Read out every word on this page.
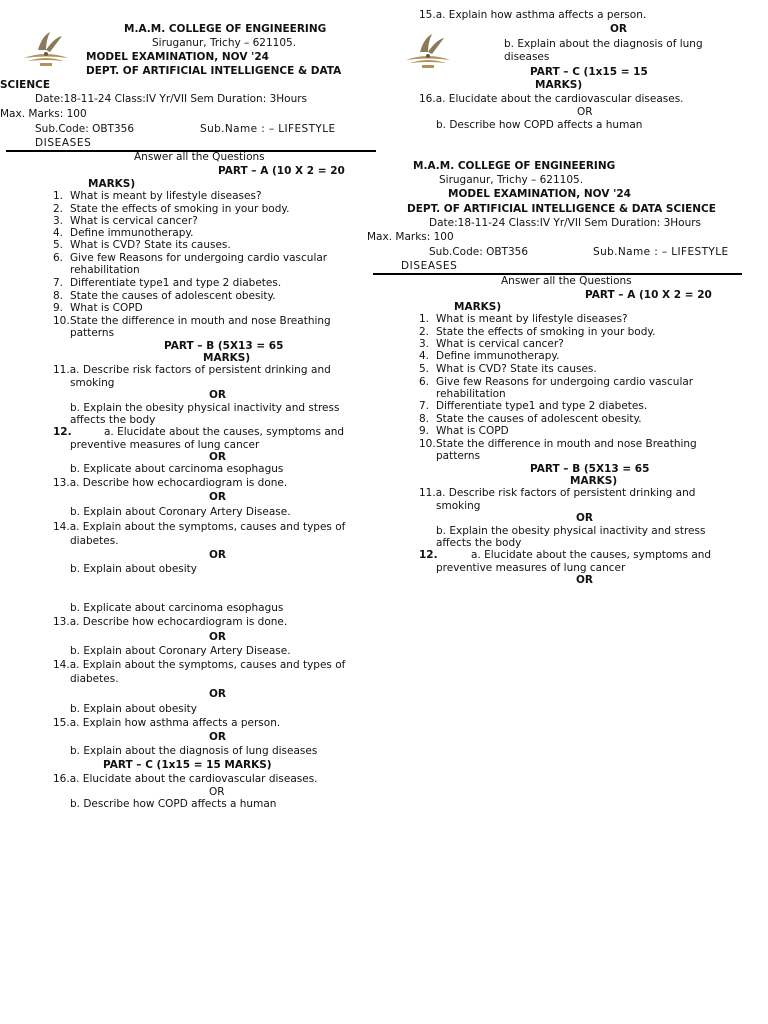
M.A.M. COLLEGE OF ENGINEERING
Siruganur, Trichy – 621105.
MODEL EXAMINATION, NOV '24
DEPT. OF ARTIFICIAL INTELLIGENCE & DATA
SCIENCE
Date:18-11-24 Class:IV Yr/VII Sem Duration: 3Hours
Max. Marks: 100
Sub.Code: OBT356	Sub.Name : – LIFESTYLE
DISEASES
Answer all the Questions
PART – A (10 X 2 = 20
MARKS)
1. What is meant by lifestyle diseases?
2. State the effects of smoking in your body.
3. What is cervical cancer?
4. Define immunotherapy.
5. What is CVD? State its causes.
6. Give few Reasons for undergoing cardio vascular
rehabilitation
7. Differentiate type1 and type 2 diabetes.
8. State the causes of adolescent obesity.
9. What is COPD
10. State the difference in mouth and nose Breathing
patterns
PART – B (5X13 = 65
MARKS)
11.a. Describe risk factors of persistent drinking and
smoking
OR
b. Explain the obesity physical inactivity and stress
affects the body
12.	a. Elucidate about the causes, symptoms and
preventive measures of lung cancer
OR
b. Explicate about carcinoma esophagus
13.a. Describe how echocardiogram is done.
OR
b. Explain about Coronary Artery Disease.
14.a. Explain about the symptoms, causes and types of
diabetes.
OR
b. Explain about obesity
b. Explicate about carcinoma esophagus
13.a. Describe how echocardiogram is done.
OR
b. Explain about Coronary Artery Disease.
14.a. Explain about the symptoms, causes and types of
diabetes.
OR
b. Explain about obesity
15.a. Explain how asthma affects a person.
OR
b. Explain about the diagnosis of lung diseases
PART – C (1x15 = 15 MARKS)
16.a. Elucidate about the cardiovascular diseases.
OR
b. Describe how COPD affects a human
15.a. Explain how asthma affects a person.
OR
b. Explain about the diagnosis of lung
diseases
PART – C (1x15 = 15
MARKS)
16.a. Elucidate about the cardiovascular diseases.
OR
b. Describe how COPD affects a human
M.A.M. COLLEGE OF ENGINEERING
Siruganur, Trichy – 621105.
MODEL EXAMINATION, NOV '24
DEPT. OF ARTIFICIAL INTELLIGENCE & DATA SCIENCE
Date:18-11-24 Class:IV Yr/VII Sem Duration: 3Hours
Max. Marks: 100
Sub.Code: OBT356	Sub.Name : – LIFESTYLE
DISEASES
Answer all the Questions
PART – A (10 X 2 = 20
MARKS)
1. What is meant by lifestyle diseases?
2. State the effects of smoking in your body.
3. What is cervical cancer?
4. Define immunotherapy.
5. What is CVD? State its causes.
6. Give few Reasons for undergoing cardio vascular
rehabilitation
7. Differentiate type1 and type 2 diabetes.
8. State the causes of adolescent obesity.
9. What is COPD
10. State the difference in mouth and nose Breathing
patterns
PART – B (5X13 = 65
MARKS)
11.a. Describe risk factors of persistent drinking and
smoking
OR
b. Explain the obesity physical inactivity and stress
affects the body
12.	a. Elucidate about the causes, symptoms and
preventive measures of lung cancer
OR
